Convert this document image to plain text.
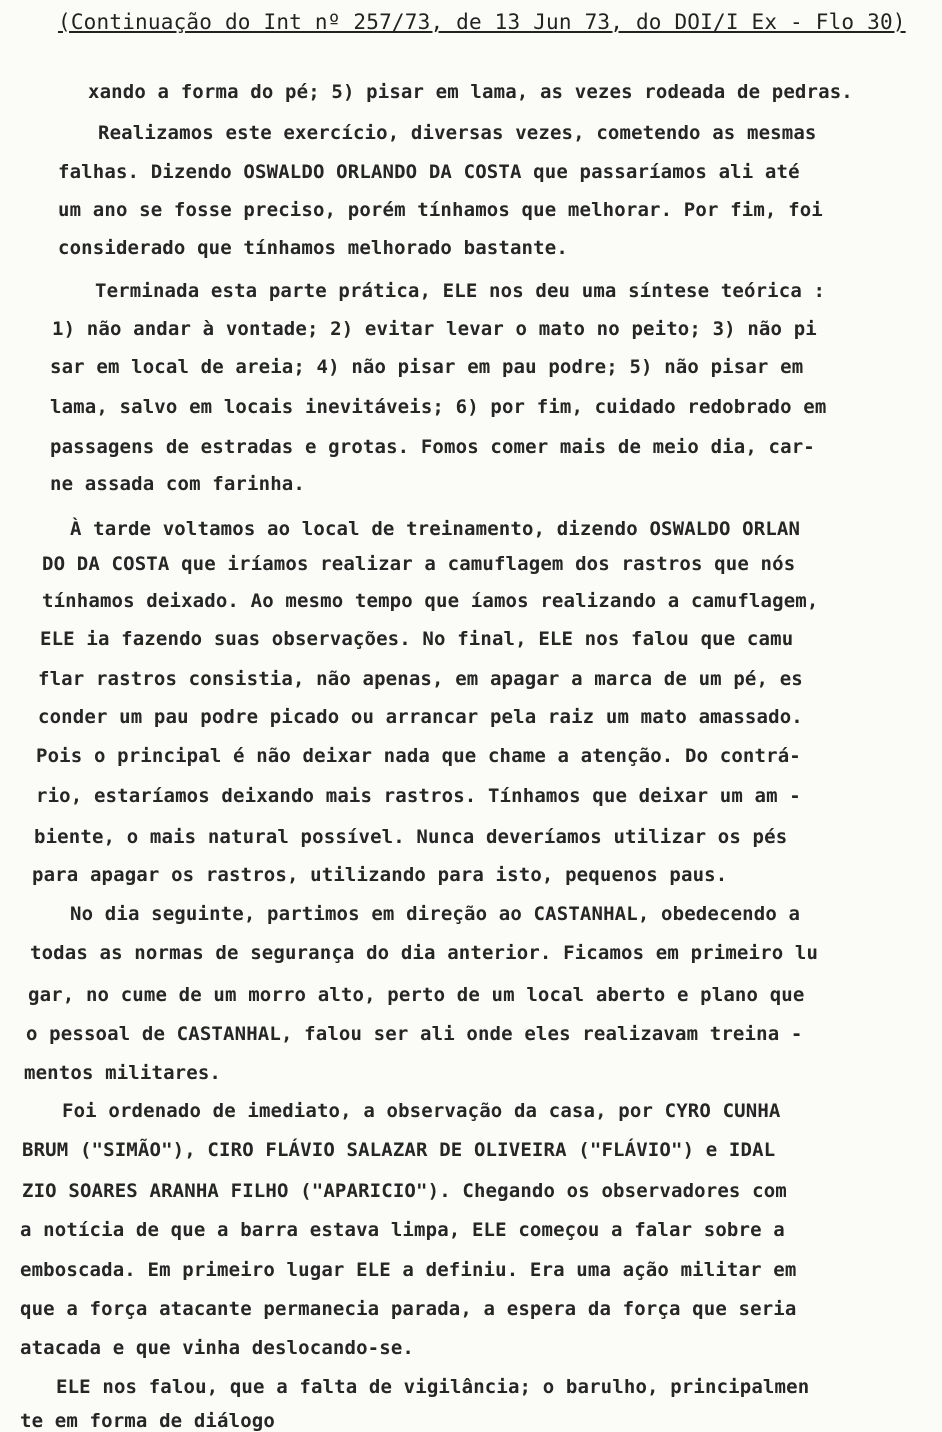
(Continuação do Int nº 257/73, de 13 Jun 73, do DOI/I Ex - Flo 30)
xando a forma do pé; 5) pisar em lama, as vezes rodeada de pedras.
Realizamos este exercício, diversas vezes, cometendo as mesmas
falhas. Dizendo OSWALDO ORLANDO DA COSTA que passaríamos ali até
um ano se fosse preciso, porém tínhamos que melhorar. Por fim, foi
considerado que tínhamos melhorado bastante.
Terminada esta parte prática, ELE nos deu uma síntese teórica :
1) não andar à vontade; 2) evitar levar o mato no peito; 3) não pi
sar em local de areia; 4) não pisar em pau podre; 5) não pisar em
lama, salvo em locais inevitáveis; 6) por fim, cuidado redobrado em
passagens de estradas e grotas. Fomos comer mais de meio dia, car-
ne assada com farinha.
À tarde voltamos ao local de treinamento, dizendo OSWALDO ORLAN
DO DA COSTA que iríamos realizar a camuflagem dos rastros que nós
tínhamos deixado. Ao mesmo tempo que íamos realizando a camuflagem,
ELE ia fazendo suas observações. No final, ELE nos falou que camu
flar rastros consistia, não apenas, em apagar a marca de um pé, es
conder um pau podre picado ou arrancar pela raiz um mato amassado.
Pois o principal é não deixar nada que chame a atenção. Do contrá-
rio, estaríamos deixando mais rastros. Tínhamos que deixar um am -
biente, o mais natural possível. Nunca deveríamos utilizar os pés
para apagar os rastros, utilizando para isto, pequenos paus.
No dia seguinte, partimos em direção ao CASTANHAL, obedecendo a
todas as normas de segurança do dia anterior. Ficamos em primeiro lu
gar, no cume de um morro alto, perto de um local aberto e plano que
o pessoal de CASTANHAL, falou ser ali onde eles realizavam treina -
mentos militares.
Foi ordenado de imediato, a observação da casa, por CYRO CUNHA
BRUM ("SIMÃO"), CIRO FLÁVIO SALAZAR DE OLIVEIRA ("FLÁVIO") e IDAL
ZIO SOARES ARANHA FILHO ("APARICIO"). Chegando os observadores com
a notícia de que a barra estava limpa, ELE começou a falar sobre a
emboscada. Em primeiro lugar ELE a definiu. Era uma ação militar em
que a força atacante permanecia parada, a espera da força que seria
atacada e que vinha deslocando-se.
ELE nos falou, que a falta de vigilância; o barulho, principalmen
te em forma de diálogo
